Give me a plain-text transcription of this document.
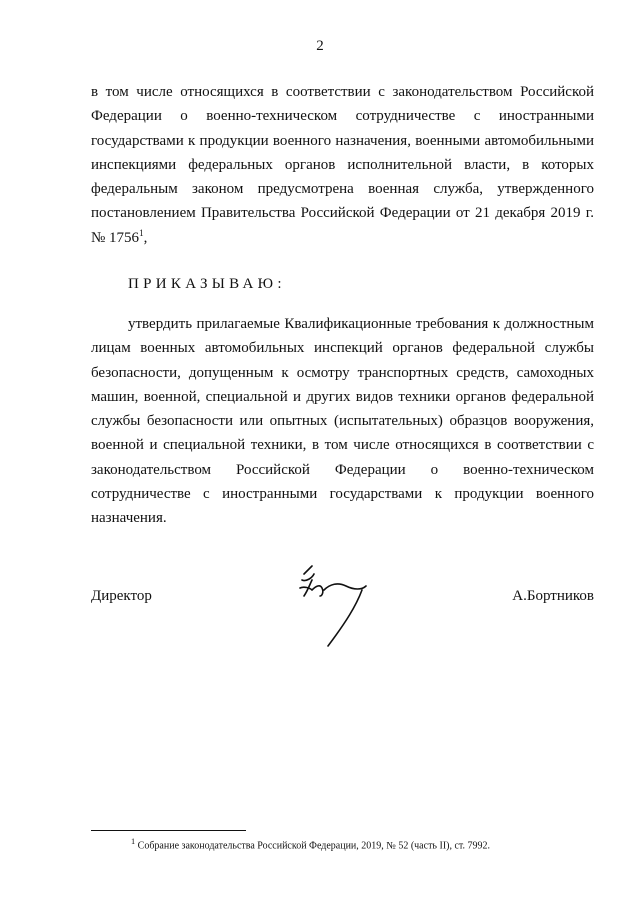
2
в том числе относящихся в соответствии с законодательством Российской Федерации о военно-техническом сотрудничестве с иностранными государствами к продукции военного назначения, военными автомобильными инспекциями федеральных органов исполнительной власти, в которых федеральным законом предусмотрена военная служба, утвержденного постановлением Правительства Российской Федерации от 21 декабря 2019 г. № 1756$^1$,
ПРИКАЗЫВАЮ:
утвердить прилагаемые Квалификационные требования к должностным лицам военных автомобильных инспекций органов федеральной службы безопасности, допущенным к осмотру транспортных средств, самоходных машин, военной, специальной и других видов техники органов федеральной службы безопасности или опытных (испытательных) образцов вооружения, военной и специальной техники, в том числе относящихся в соответствии с законодательством Российской Федерации о военно-техническом сотрудничестве с иностранными государствами к продукции военного назначения.
Директор	А.Бортников
$^1$ Собрание законодательства Российской Федерации, 2019, № 52 (часть II), ст. 7992.
